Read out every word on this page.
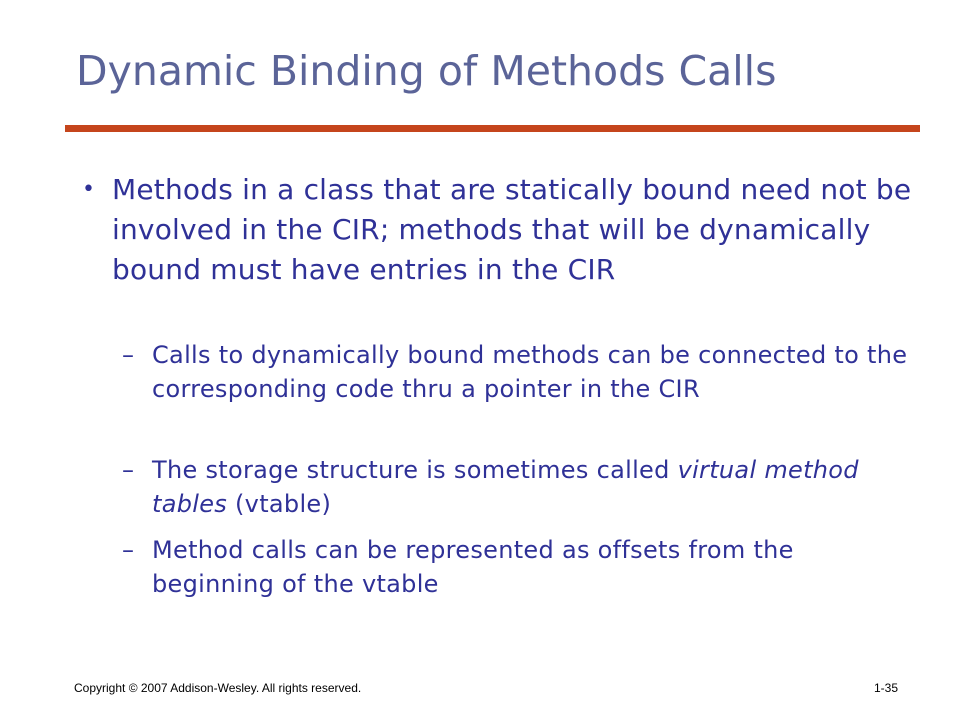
Dynamic Binding of Methods Calls
• Methods in a class that are statically bound need not be involved in the CIR; methods that will be dynamically bound must have entries in the CIR
– Calls to dynamically bound methods can be connected to the corresponding code thru a pointer in the CIR
– The storage structure is sometimes called virtual method tables (vtable)
– Method calls can be represented as offsets from the beginning of the vtable
Copyright © 2007 Addison-Wesley. All rights reserved.	1-35
